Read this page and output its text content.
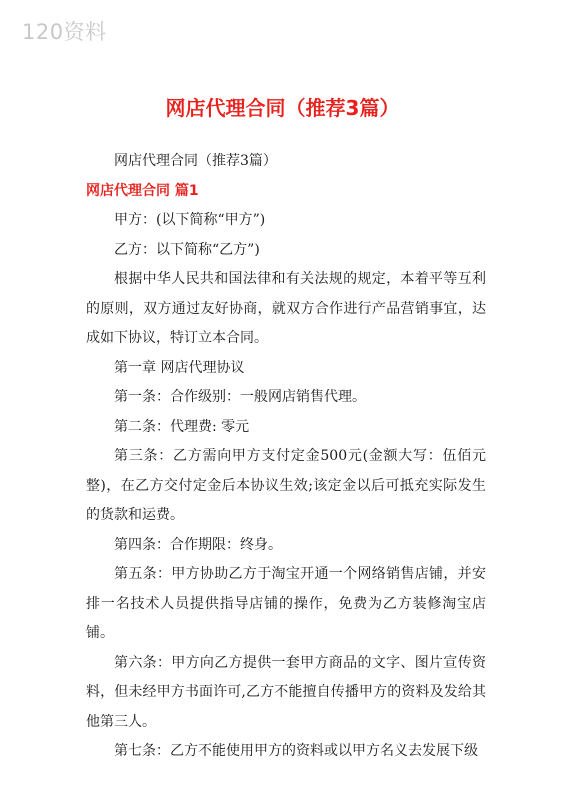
120资料
网店代理合同（推荐3篇）

网店代理合同（推荐3篇）

网店代理合同 篇1

甲方：(以下简称“甲方”)

乙方：以下简称“乙方”)

根据中华人民共和国法律和有关法规的规定，本着平等互利的原则，双方通过友好协商，就双方合作进行产品营销事宜，达成如下协议，特订立本合同。

第一章 网店代理协议

第一条：合作级别：一般网店销售代理。

第二条：代理费: 零元

第三条：乙方需向甲方支付定金500元(金额大写：伍佰元整)，在乙方交付定金后本协议生效;该定金以后可抵充实际发生的货款和运费。

第四条：合作期限：终身。

第五条：甲方协助乙方于淘宝开通一个网络销售店铺，并安排一名技术人员提供指导店铺的操作，免费为乙方装修淘宝店铺。

第六条：甲方向乙方提供一套甲方商品的文字、图片宣传资料，但未经甲方书面许可,乙方不能擅自传播甲方的资料及发给其他第三人。

第七条：乙方不能使用甲方的资料或以甲方名义去发展下级
